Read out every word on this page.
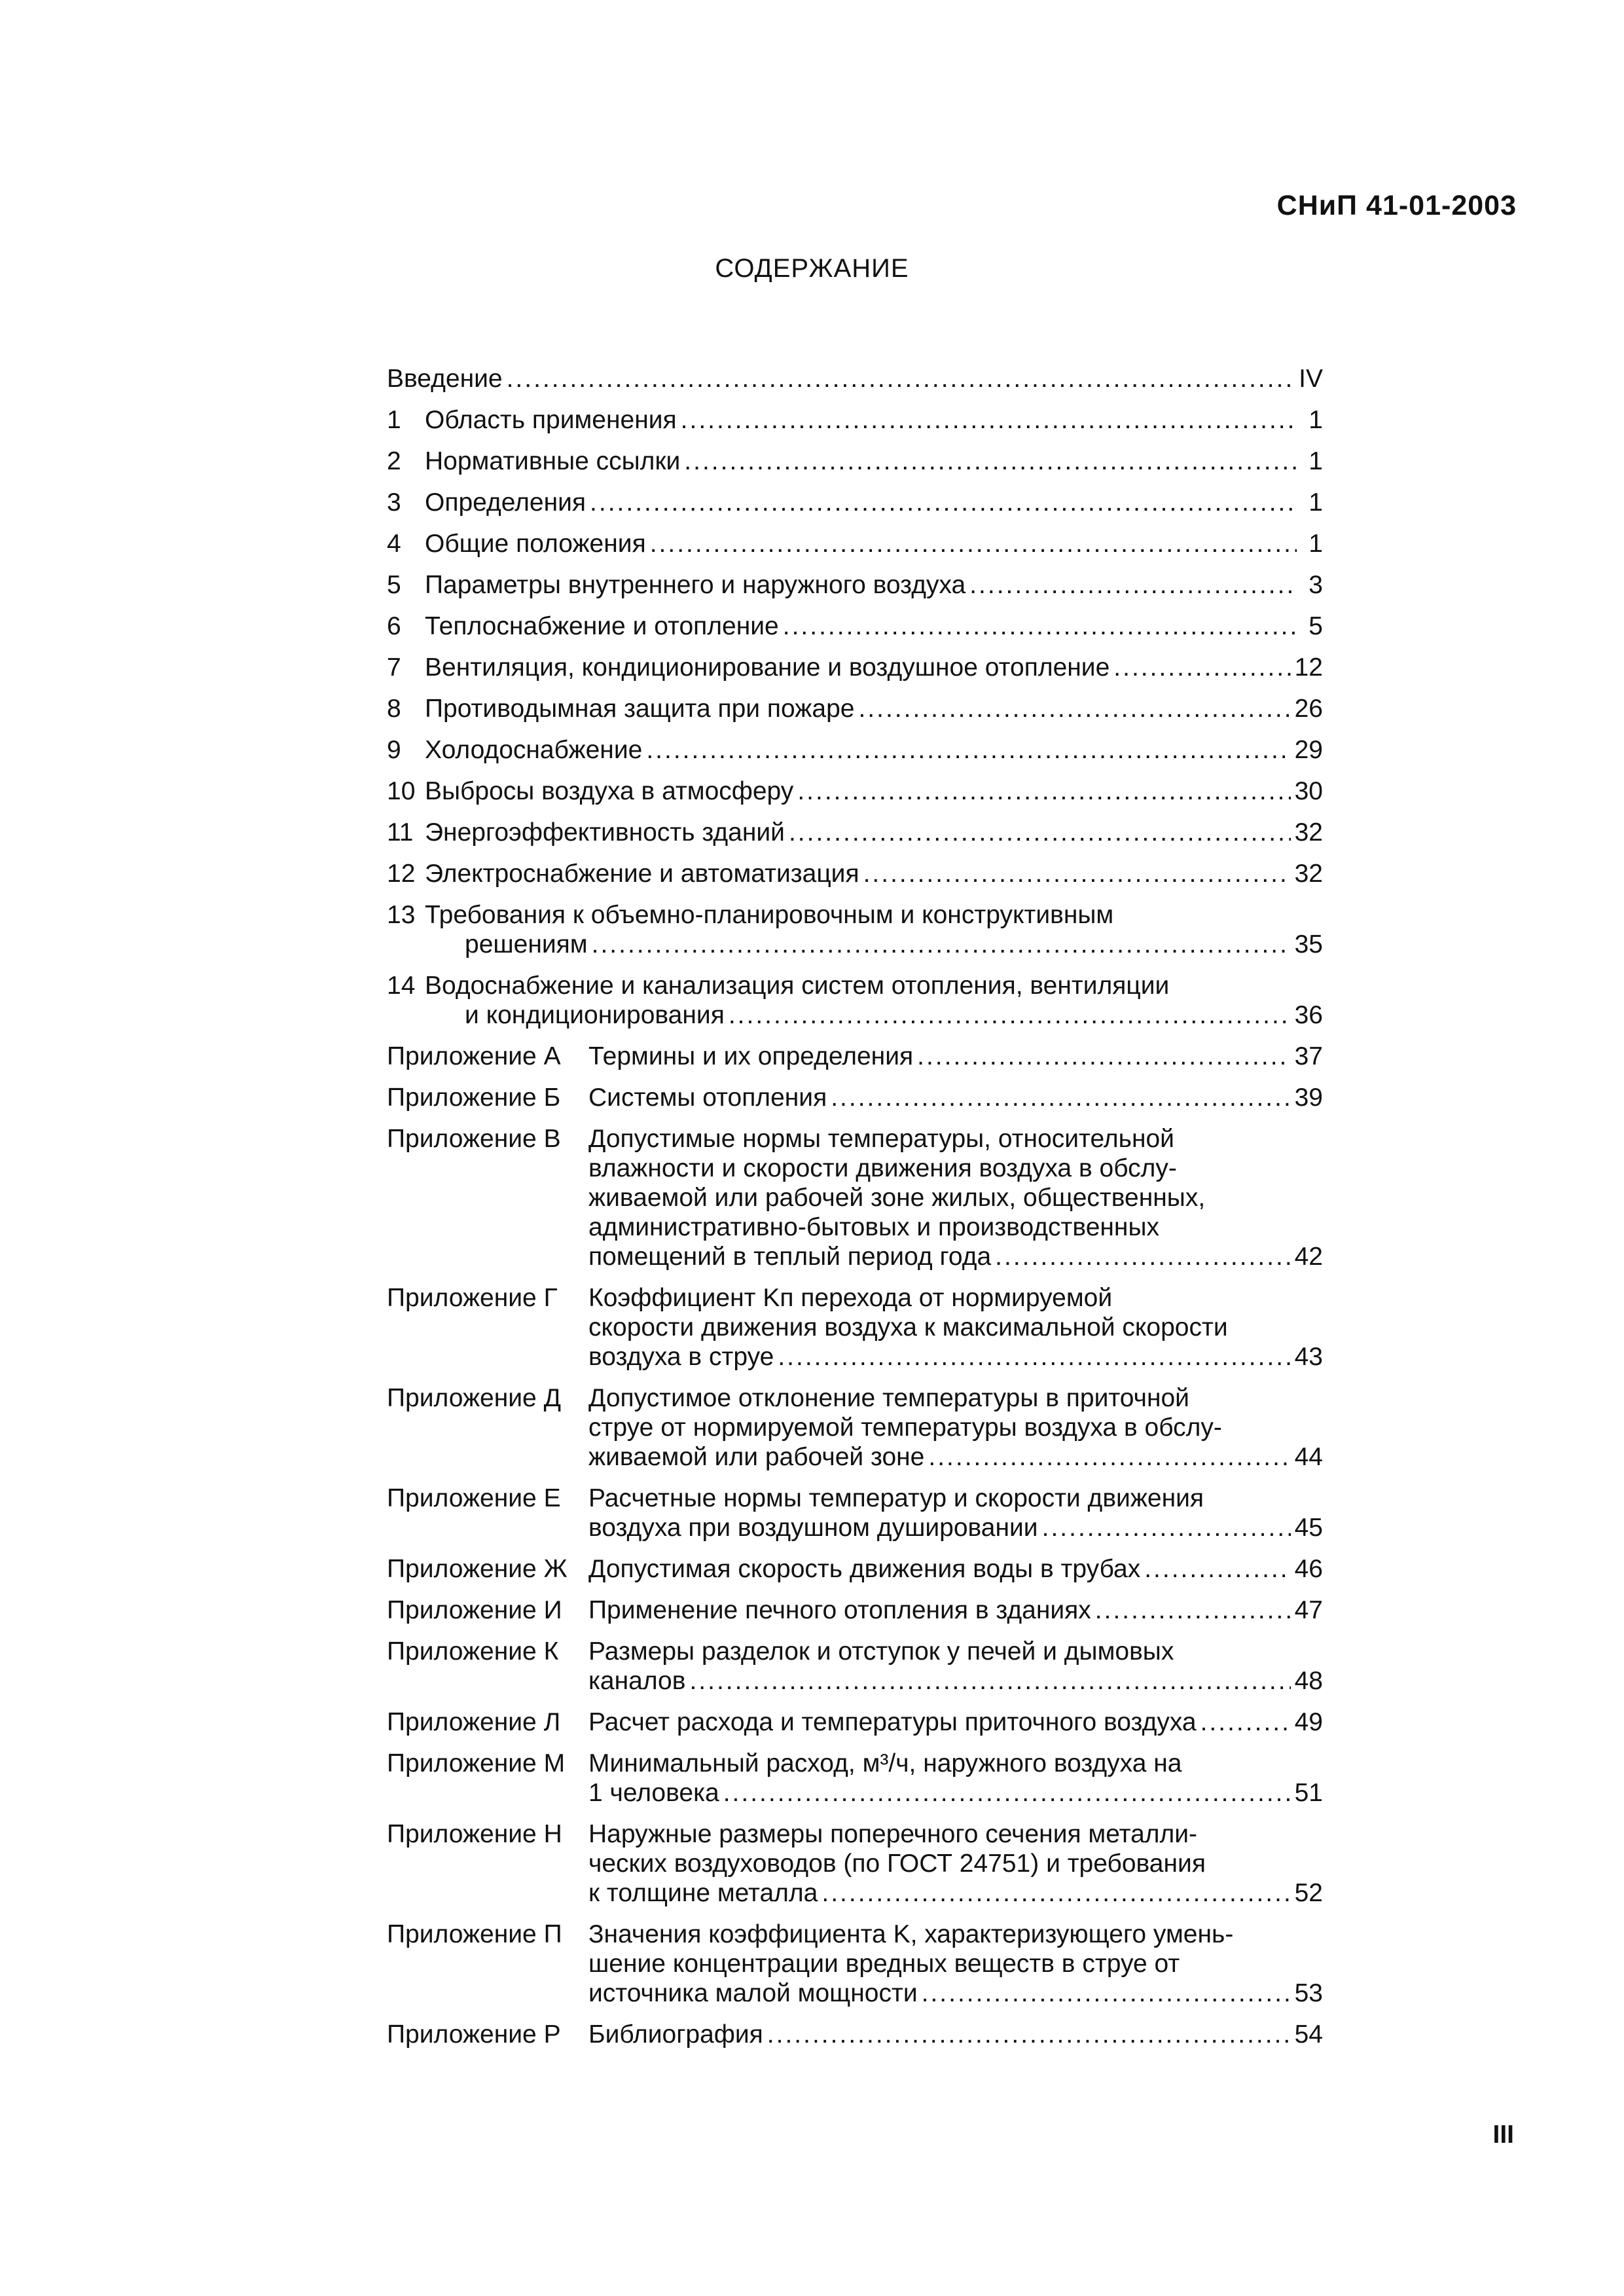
СНиП 41-01-2003
СОДЕРЖАНИЕ
Введение .....	IV
1 Область применения .....	1
2 Нормативные ссылки .....	1
3 Определения .....	1
4 Общие положения .....	1
5 Параметры внутреннего и наружного воздуха .....	3
6 Теплоснабжение и отопление .....	5
7 Вентиляция, кондиционирование и воздушное отопление .....	12
8 Противодымная защита при пожаре .....	26
9 Холодоснабжение .....	29
10 Выбросы воздуха в атмосферу .....	30
11 Энергоэффективность зданий .....	32
12 Электроснабжение и автоматизация .....	32
13 Требования к объемно-планировочным и конструктивным
решениям .....	35
14 Водоснабжение и канализация систем отопления, вентиляции
и кондиционирования .....	36
Приложение А	Термины и их определения .....	37
Приложение Б	Системы отопления .....	39
Приложение В	Допустимые нормы температуры, относительной
влажности и скорости движения воздуха в обслу-
живаемой или рабочей зоне жилых, общественных,
административно-бытовых и производственных
помещений в теплый период года .....	42
Приложение Г	Коэффициент Kп перехода от нормируемой
скорости движения воздуха к максимальной скорости
воздуха в струе .....	43
Приложение Д	Допустимое отклонение температуры в приточной
струе от нормируемой температуры воздуха в обслу-
живаемой или рабочей зоне .....	44
Приложение Е	Расчетные нормы температур и скорости движения
воздуха при воздушном душировании .....	45
Приложение Ж Допустимая скорость движения воды в трубах .....	46
Приложение И	Применение печного отопления в зданиях .....	47
Приложение К	Размеры разделок и отступок у печей и дымовых
каналов .....	48
Приложение Л	Расчет расхода и температуры приточного воздуха .....	49
Приложение М Минимальный расход, м³/ч, наружного воздуха на
1 человека .....	51
Приложение Н	Наружные размеры поперечного сечения металли-
ческих воздуховодов (по ГОСТ 24751) и требования
к толщине металла .....	52
Приложение П	Значения коэффициента K, характеризующего умень-
шение концентрации вредных веществ в струе от
источника малой мощности .....	53
Приложение Р	Библиография .....	54
III
